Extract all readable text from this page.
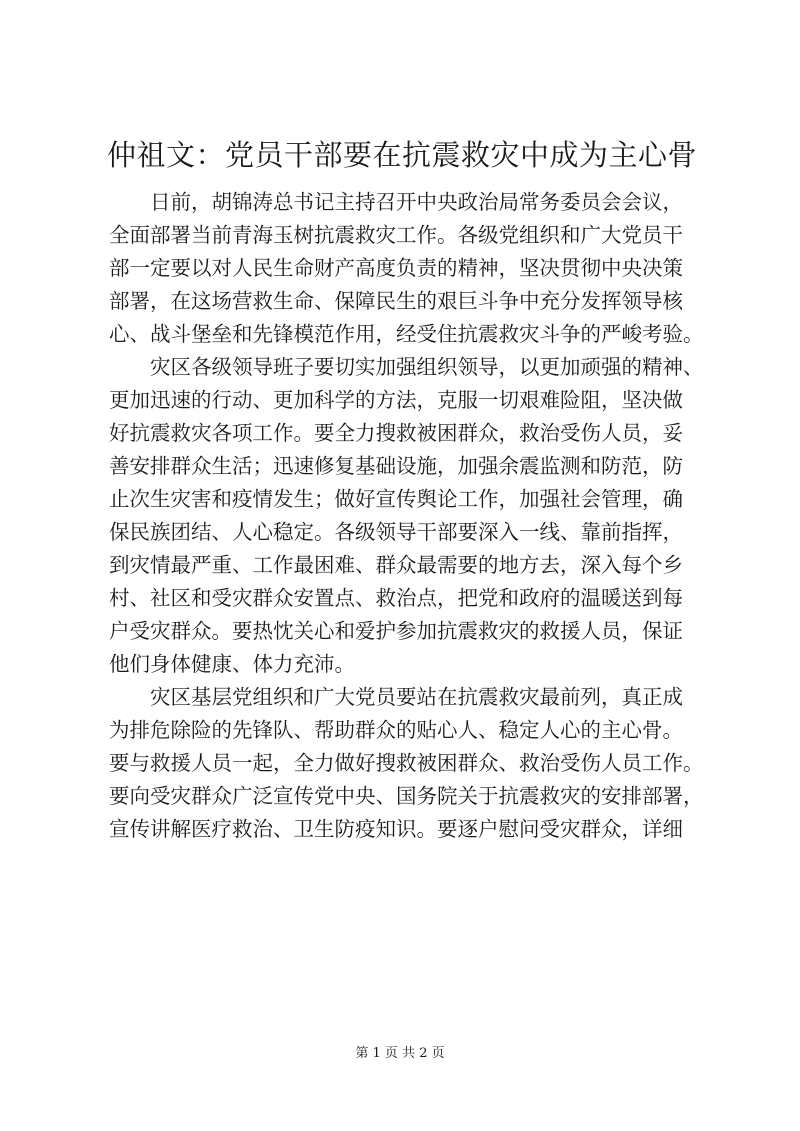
仲祖文：党员干部要在抗震救灾中成为主心骨

日前，胡锦涛总书记主持召开中央政治局常务委员会会议，

全面部署当前青海玉树抗震救灾工作。各级党组织和广大党员干

部一定要以对人民生命财产高度负责的精神，坚决贯彻中央决策

部署，在这场营救生命、保障民生的艰巨斗争中充分发挥领导核

心、战斗堡垒和先锋模范作用，经受住抗震救灾斗争的严峻考验。

灾区各级领导班子要切实加强组织领导，以更加顽强的精神、

更加迅速的行动、更加科学的方法，克服一切艰难险阻，坚决做

好抗震救灾各项工作。要全力搜救被困群众，救治受伤人员，妥

善安排群众生活；迅速修复基础设施，加强余震监测和防范，防

止次生灾害和疫情发生；做好宣传舆论工作，加强社会管理，确

保民族团结、人心稳定。各级领导干部要深入一线、靠前指挥，

到灾情最严重、工作最困难、群众最需要的地方去，深入每个乡

村、社区和受灾群众安置点、救治点，把党和政府的温暖送到每

户受灾群众。要热忱关心和爱护参加抗震救灾的救援人员，保证

他们身体健康、体力充沛。

灾区基层党组织和广大党员要站在抗震救灾最前列，真正成

为排危除险的先锋队、帮助群众的贴心人、稳定人心的主心骨。

要与救援人员一起，全力做好搜救被困群众、救治受伤人员工作。

要向受灾群众广泛宣传党中央、国务院关于抗震救灾的安排部署，

宣传讲解医疗救治、卫生防疫知识。要逐户慰问受灾群众，详细

第 1 页 共 2 页
